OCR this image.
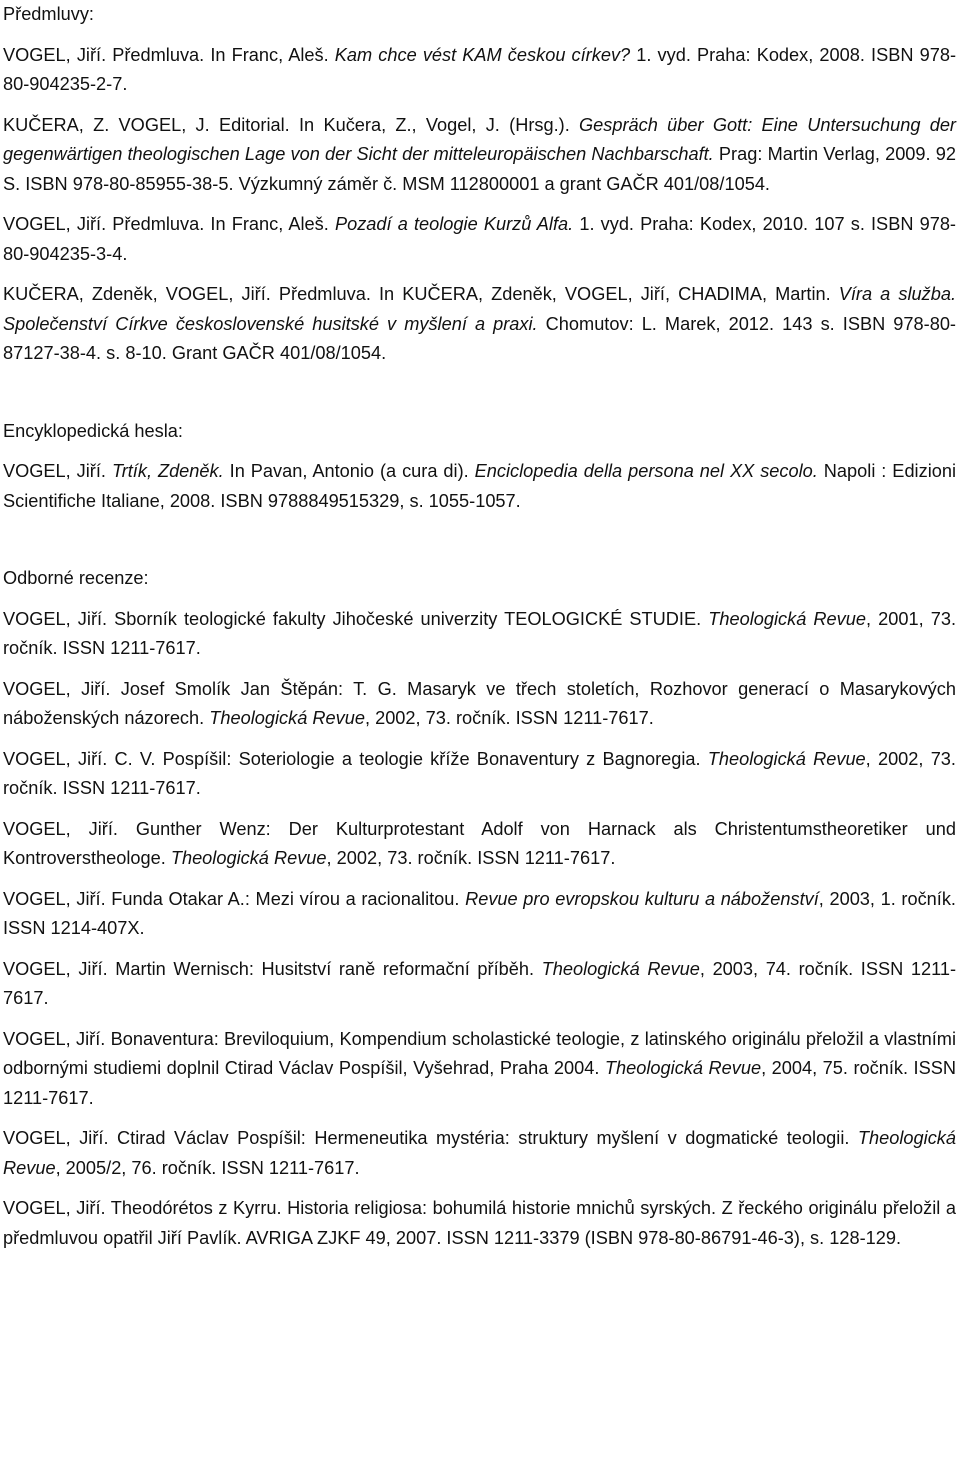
Předmluvy:

VOGEL, Jiří. Předmluva. In Franc, Aleš. Kam chce vést KAM českou církev? 1. vyd. Praha: Kodex, 2008. ISBN 978-80-904235-2-7.

KUČERA, Z. VOGEL, J. Editorial. In Kučera, Z., Vogel, J. (Hrsg.). Gespräch über Gott: Eine Untersuchung der gegenwärtigen theologischen Lage von der Sicht der mitteleuropäischen Nachbarschaft. Prag: Martin Verlag, 2009. 92 S. ISBN 978-80-85955-38-5. Výzkumný záměr č. MSM 112800001 a grant GAČR 401/08/1054.

VOGEL, Jiří. Předmluva. In Franc, Aleš. Pozadí a teologie Kurzů Alfa. 1. vyd. Praha: Kodex, 2010. 107 s. ISBN 978-80-904235-3-4.

KUČERA, Zdeněk, VOGEL, Jiří. Předmluva. In KUČERA, Zdeněk, VOGEL, Jiří, CHADIMA, Martin. Víra a služba. Společenství Církve československé husitské v myšlení a praxi. Chomutov: L. Marek, 2012. 143 s. ISBN 978-80-87127-38-4. s. 8-10. Grant GAČR 401/08/1054.

Encyklopedická hesla:

VOGEL, Jiří. Trtík, Zdeněk. In Pavan, Antonio (a cura di). Enciclopedia della persona nel XX secolo. Napoli : Edizioni Scientifiche Italiane, 2008. ISBN 9788849515329, s. 1055-1057.

Odborné recenze:

VOGEL, Jiří. Sborník teologické fakulty Jihočeské univerzity TEOLOGICKÉ STUDIE. Theologická Revue, 2001, 73. ročník. ISSN 1211-7617.

VOGEL, Jiří. Josef Smolík Jan Štěpán: T. G. Masaryk ve třech stoletích, Rozhovor generací o Masarykových náboženských názorech. Theologická Revue, 2002, 73. ročník. ISSN 1211-7617.

VOGEL, Jiří. C. V. Pospíšil: Soteriologie a teologie kříže Bonaventury z Bagnoregia. Theologická Revue, 2002, 73. ročník. ISSN 1211-7617.

VOGEL, Jiří. Gunther Wenz: Der Kulturprotestant Adolf von Harnack als Christentumstheoretiker und Kontroverstheologe. Theologická Revue, 2002, 73. ročník. ISSN 1211-7617.

VOGEL, Jiří. Funda Otakar A.: Mezi vírou a racionalitou. Revue pro evropskou kulturu a náboženství, 2003, 1. ročník. ISSN 1214-407X.

VOGEL, Jiří. Martin Wernisch: Husitství raně reformační příběh. Theologická Revue, 2003, 74. ročník. ISSN 1211-7617.

VOGEL, Jiří. Bonaventura: Breviloquium, Kompendium scholastické teologie, z latinského originálu přeložil a vlastními odbornými studiemi doplnil Ctirad Václav Pospíšil, Vyšehrad, Praha 2004. Theologická Revue, 2004, 75. ročník. ISSN 1211-7617.

VOGEL, Jiří. Ctirad Václav Pospíšil: Hermeneutika mystéria: struktury myšlení v dogmatické teologii. Theologická Revue, 2005/2, 76. ročník. ISSN 1211-7617.

VOGEL, Jiří. Theodórétos z Kyrru. Historia religiosa: bohumilá historie mnichů syrských. Z řeckého originálu přeložil a předmluvou opatřil Jiří Pavlík. AVRIGA ZJKF 49, 2007. ISSN 1211-3379 (ISBN 978-80-86791-46-3), s. 128-129.
